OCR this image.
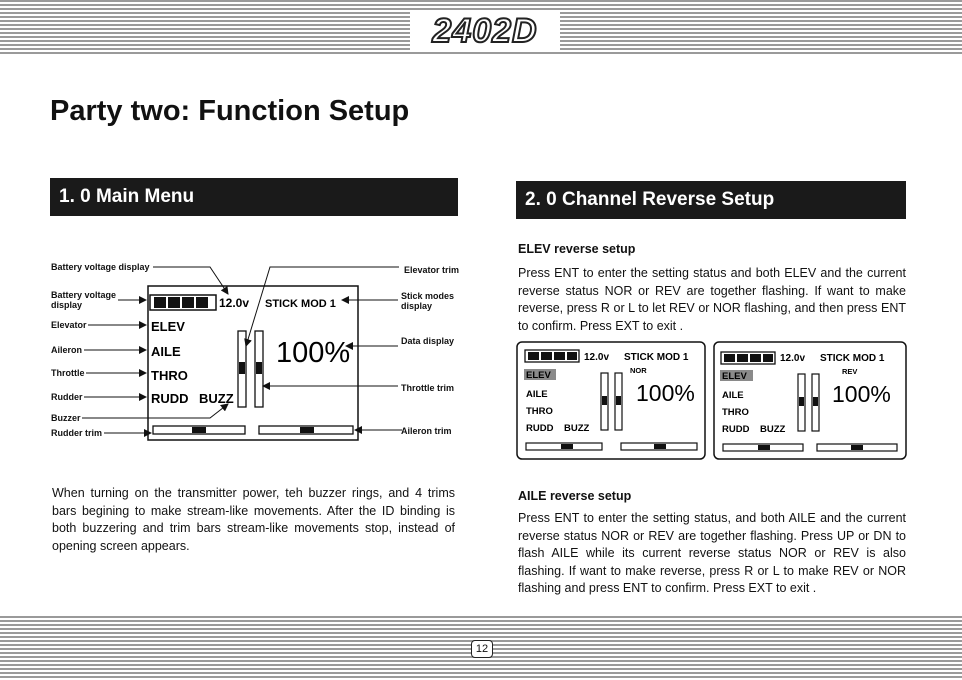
2402D
Party two: Function Setup
1. 0 Main Menu	2. 0 Channel Reverse Setup
12.0v STICK MOD 1
ELEV
AILE
THRO
RUDD BUZZ
100%	12.0v STICK MOD 1
NOR
ELEV
AILE
THRO
RUDD BUZZ
100%
12.0v STICK MOD 1
REV
ELEV
AILE
THRO
RUDD BUZZ
100%
Battery voltage display
Battery voltage
display
Elevator
Aileron
Throttle
Rudder
Buzzer
Rudder trim
Elevator trim
Stick modes
display
Data display
Throttle trim
Aileron trim

When turning on the transmitter power, teh buzzer rings, and 4 trims bars begining to make stream-like movements. After the ID binding is both buzzering and trim bars stream-like movements stop, instead of opening screen appears.

ELEV reverse setup

Press ENT to enter the setting status and both ELEV and the current reverse status NOR or REV are together flashing. If want to make reverse, press R or L to let REV or NOR flashing, and then press ENT to confirm. Press EXT to exit .

AILE reverse setup

Press ENT to enter the setting status, and both AILE and the current reverse status NOR or REV are together flashing. Press UP or DN to flash AILE while its current reverse status NOR or REV is also flashing. If want to make reverse, press R or L to make REV or NOR flashing and press ENT to confirm. Press EXT to exit .

12
